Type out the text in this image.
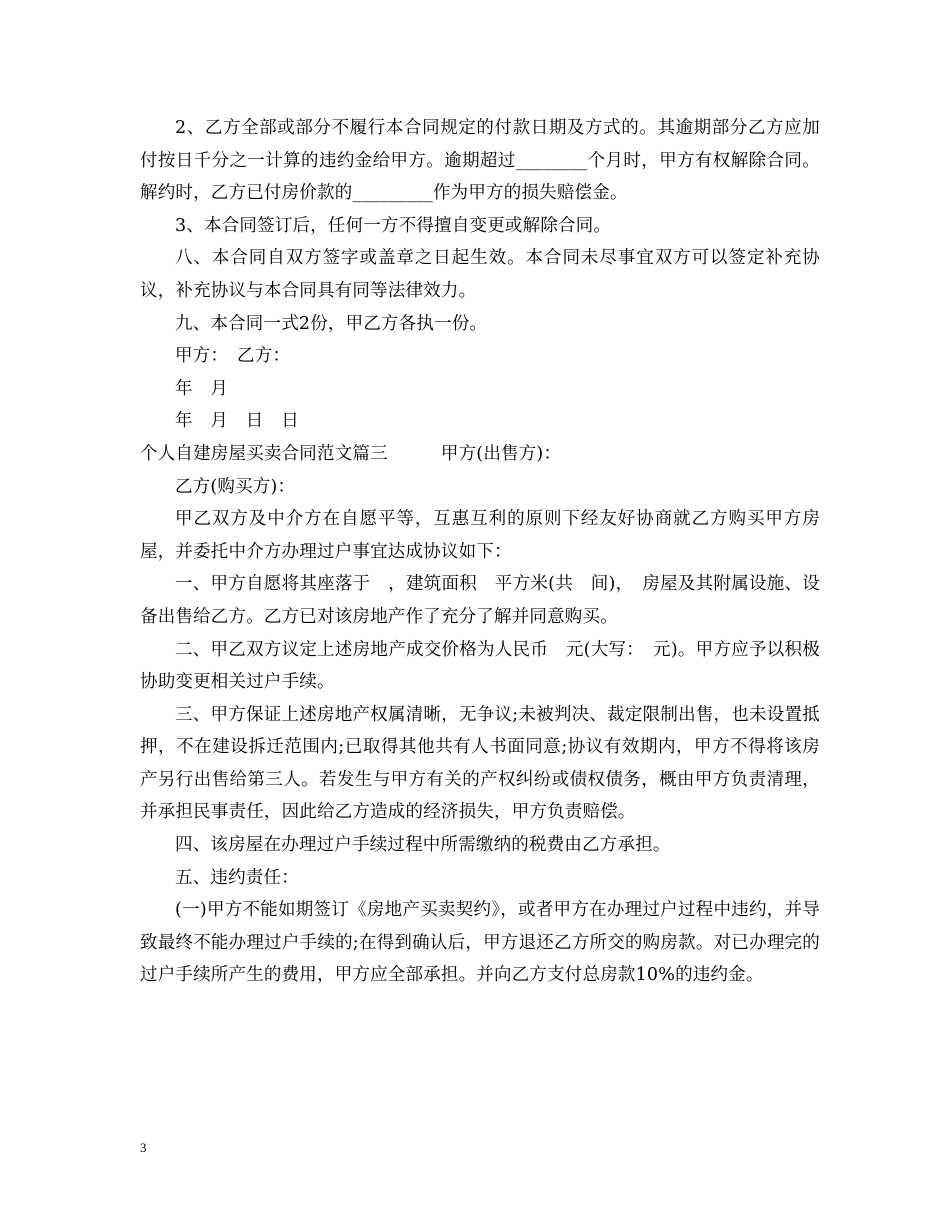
2、乙方全部或部分不履行本合同规定的付款日期及方式的。其逾期部分乙方应加付按日千分之一计算的违约金给甲方。逾期超过________个月时，甲方有权解除合同。解约时，乙方已付房价款的_________作为甲方的损失赔偿金。

3、本合同签订后，任何一方不得擅自变更或解除合同。

八、本合同自双方签字或盖章之日起生效。本合同未尽事宜双方可以签定补充协议，补充协议与本合同具有同等法律效力。

九、本合同一式2份，甲乙方各执一份。

甲方：　乙方：

年　月

年　月　日　日

个人自建房屋买卖合同范文篇三　　　甲方(出售方)：

乙方(购买方)：

甲乙双方及中介方在自愿平等，互惠互利的原则下经友好协商就乙方购买甲方房屋，并委托中介方办理过户事宜达成协议如下：

一、甲方自愿将其座落于　，建筑面积　平方米(共　间)，　房屋及其附属设施、设备出售给乙方。乙方已对该房地产作了充分了解并同意购买。

二、甲乙双方议定上述房地产成交价格为人民币　元(大写：　元)。甲方应予以积极协助变更相关过户手续。

三、甲方保证上述房地产权属清晰，无争议;未被判决、裁定限制出售，也未设置抵押，不在建设拆迁范围内;已取得其他共有人书面同意;协议有效期内，甲方不得将该房产另行出售给第三人。若发生与甲方有关的产权纠纷或债权债务，概由甲方负责清理，并承担民事责任，因此给乙方造成的经济损失，甲方负责赔偿。

四、该房屋在办理过户手续过程中所需缴纳的税费由乙方承担。

五、违约责任：

(一)甲方不能如期签订《房地产买卖契约》，或者甲方在办理过户过程中违约，并导致最终不能办理过户手续的;在得到确认后，甲方退还乙方所交的购房款。对已办理完的过户手续所产生的费用，甲方应全部承担。并向乙方支付总房款10%的违约金。

3
